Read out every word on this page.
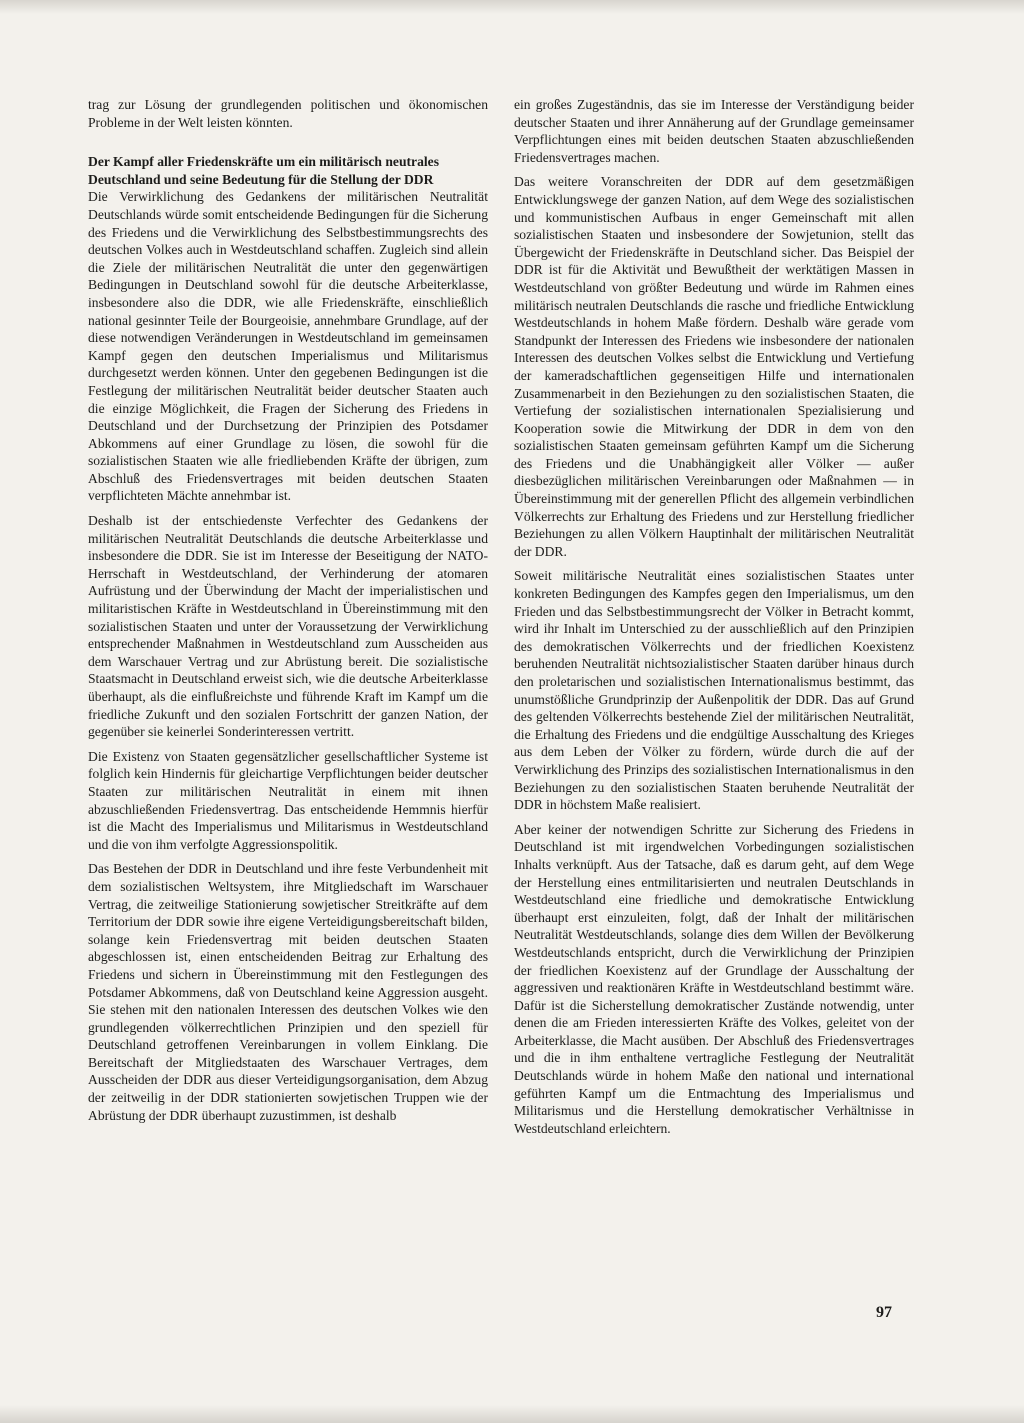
trag zur Lösung der grundlegenden politischen und ökonomischen Probleme in der Welt leisten könnten.

Der Kampf aller Friedenskräfte um ein militärisch neutrales Deutschland und seine Bedeutung für die Stellung der DDR

Die Verwirklichung des Gedankens der militärischen Neutralität Deutschlands würde somit entscheidende Bedingungen für die Sicherung des Friedens und die Verwirklichung des Selbstbestimmungsrechts des deutschen Volkes auch in Westdeutschland schaffen. Zugleich sind allein die Ziele der militärischen Neutralität die unter den gegenwärtigen Bedingungen in Deutschland sowohl für die deutsche Arbeiterklasse, insbesondere also die DDR, wie alle Friedenskräfte, einschließlich national gesinnter Teile der Bourgeoisie, annehmbare Grundlage, auf der diese notwendigen Veränderungen in Westdeutschland im gemeinsamen Kampf gegen den deutschen Imperialismus und Militarismus durchgesetzt werden können. Unter den gegebenen Bedingungen ist die Festlegung der militärischen Neutralität beider deutscher Staaten auch die einzige Möglichkeit, die Fragen der Sicherung des Friedens in Deutschland und der Durchsetzung der Prinzipien des Potsdamer Abkommens auf einer Grundlage zu lösen, die sowohl für die sozialistischen Staaten wie alle friedliebenden Kräfte der übrigen, zum Abschluß des Friedensvertrages mit beiden deutschen Staaten verpflichteten Mächte annehmbar ist.

Deshalb ist der entschiedenste Verfechter des Gedankens der militärischen Neutralität Deutschlands die deutsche Arbeiterklasse und insbesondere die DDR. Sie ist im Interesse der Beseitigung der NATO-Herrschaft in Westdeutschland, der Verhinderung der atomaren Aufrüstung und der Überwindung der Macht der imperialistischen und militaristischen Kräfte in Westdeutschland in Übereinstimmung mit den sozialistischen Staaten und unter der Voraussetzung der Verwirklichung entsprechender Maßnahmen in Westdeutschland zum Ausscheiden aus dem Warschauer Vertrag und zur Abrüstung bereit. Die sozialistische Staatsmacht in Deutschland erweist sich, wie die deutsche Arbeiterklasse überhaupt, als die einflußreichste und führende Kraft im Kampf um die friedliche Zukunft und den sozialen Fortschritt der ganzen Nation, der gegenüber sie keinerlei Sonderinteressen vertritt.

Die Existenz von Staaten gegensätzlicher gesellschaftlicher Systeme ist folglich kein Hindernis für gleichartige Verpflichtungen beider deutscher Staaten zur militärischen Neutralität in einem mit ihnen abzuschließenden Friedensvertrag. Das entscheidende Hemmnis hierfür ist die Macht des Imperialismus und Militarismus in Westdeutschland und die von ihm verfolgte Aggressionspolitik.

Das Bestehen der DDR in Deutschland und ihre feste Verbundenheit mit dem sozialistischen Weltsystem, ihre Mitgliedschaft im Warschauer Vertrag, die zeitweilige Stationierung sowjetischer Streitkräfte auf dem Territorium der DDR sowie ihre eigene Verteidigungsbereitschaft bilden, solange kein Friedensvertrag mit beiden deutschen Staaten abgeschlossen ist, einen entscheidenden Beitrag zur Erhaltung des Friedens und sichern in Übereinstimmung mit den Festlegungen des Potsdamer Abkommens, daß von Deutschland keine Aggression ausgeht. Sie stehen mit den nationalen Interessen des deutschen Volkes wie den grundlegenden völkerrechtlichen Prinzipien und den speziell für Deutschland getroffenen Vereinbarungen in vollem Einklang. Die Bereitschaft der Mitgliedstaaten des Warschauer Vertrages, dem Ausscheiden der DDR aus dieser Verteidigungsorganisation, dem Abzug der zeitweilig in der DDR stationierten sowjetischen Truppen wie der Abrüstung der DDR überhaupt zuzustimmen, ist deshalb

ein großes Zugeständnis, das sie im Interesse der Verständigung beider deutscher Staaten und ihrer Annäherung auf der Grundlage gemeinsamer Verpflichtungen eines mit beiden deutschen Staaten abzuschließenden Friedensvertrages machen.

Das weitere Voranschreiten der DDR auf dem gesetzmäßigen Entwicklungswege der ganzen Nation, auf dem Wege des sozialistischen und kommunistischen Aufbaus in enger Gemeinschaft mit allen sozialistischen Staaten und insbesondere der Sowjetunion, stellt das Übergewicht der Friedenskräfte in Deutschland sicher. Das Beispiel der DDR ist für die Aktivität und Bewußtheit der werktätigen Massen in Westdeutschland von größter Bedeutung und würde im Rahmen eines militärisch neutralen Deutschlands die rasche und friedliche Entwicklung Westdeutschlands in hohem Maße fördern. Deshalb wäre gerade vom Standpunkt der Interessen des Friedens wie insbesondere der nationalen Interessen des deutschen Volkes selbst die Entwicklung und Vertiefung der kameradschaftlichen gegenseitigen Hilfe und internationalen Zusammenarbeit in den Beziehungen zu den sozialistischen Staaten, die Vertiefung der sozialistischen internationalen Spezialisierung und Kooperation sowie die Mitwirkung der DDR in dem von den sozialistischen Staaten gemeinsam geführten Kampf um die Sicherung des Friedens und die Unabhängigkeit aller Völker — außer diesbezüglichen militärischen Vereinbarungen oder Maßnahmen — in Übereinstimmung mit der generellen Pflicht des allgemein verbindlichen Völkerrechts zur Erhaltung des Friedens und zur Herstellung friedlicher Beziehungen zu allen Völkern Hauptinhalt der militärischen Neutralität der DDR.

Soweit militärische Neutralität eines sozialistischen Staates unter konkreten Bedingungen des Kampfes gegen den Imperialismus, um den Frieden und das Selbstbestimmungsrecht der Völker in Betracht kommt, wird ihr Inhalt im Unterschied zu der ausschließlich auf den Prinzipien des demokratischen Völkerrechts und der friedlichen Koexistenz beruhenden Neutralität nichtsozialistischer Staaten darüber hinaus durch den proletarischen und sozialistischen Internationalismus bestimmt, das unumstößliche Grundprinzip der Außenpolitik der DDR. Das auf Grund des geltenden Völkerrechts bestehende Ziel der militärischen Neutralität, die Erhaltung des Friedens und die endgültige Ausschaltung des Krieges aus dem Leben der Völker zu fördern, würde durch die auf der Verwirklichung des Prinzips des sozialistischen Internationalismus in den Beziehungen zu den sozialistischen Staaten beruhende Neutralität der DDR in höchstem Maße realisiert.

Aber keiner der notwendigen Schritte zur Sicherung des Friedens in Deutschland ist mit irgendwelchen Vorbedingungen sozialistischen Inhalts verknüpft. Aus der Tatsache, daß es darum geht, auf dem Wege der Herstellung eines entmilitarisierten und neutralen Deutschlands in Westdeutschland eine friedliche und demokratische Entwicklung überhaupt erst einzuleiten, folgt, daß der Inhalt der militärischen Neutralität Westdeutschlands, solange dies dem Willen der Bevölkerung Westdeutschlands entspricht, durch die Verwirklichung der Prinzipien der friedlichen Koexistenz auf der Grundlage der Ausschaltung der aggressiven und reaktionären Kräfte in Westdeutschland bestimmt wäre. Dafür ist die Sicherstellung demokratischer Zustände notwendig, unter denen die am Frieden interessierten Kräfte des Volkes, geleitet von der Arbeiterklasse, die Macht ausüben. Der Abschluß des Friedensvertrages und die in ihm enthaltene vertragliche Festlegung der Neutralität Deutschlands würde in hohem Maße den national und international geführten Kampf um die Entmachtung des Imperialismus und Militarismus und die Herstellung demokratischer Verhältnisse in Westdeutschland erleichtern.

97
